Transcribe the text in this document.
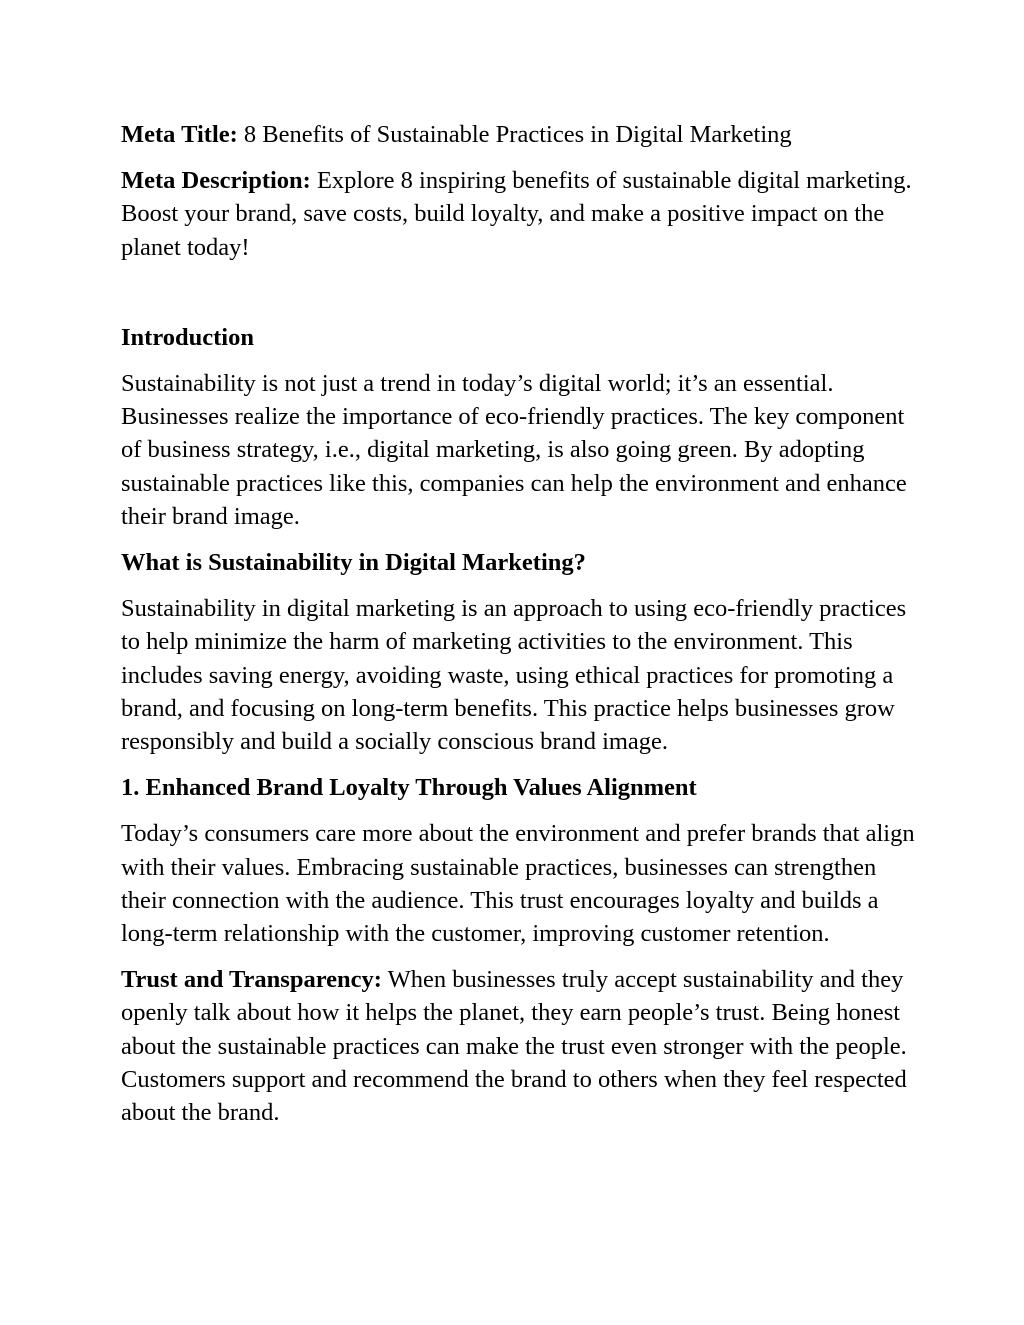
Meta Title: 8 Benefits of Sustainable Practices in Digital Marketing

Meta Description: Explore 8 inspiring benefits of sustainable digital marketing. Boost your brand, save costs, build loyalty, and make a positive impact on the planet today!

Introduction

Sustainability is not just a trend in today’s digital world; it’s an essential. Businesses realize the importance of eco-friendly practices. The key component of business strategy, i.e., digital marketing, is also going green. By adopting sustainable practices like this, companies can help the environment and enhance their brand image.

What is Sustainability in Digital Marketing?

Sustainability in digital marketing is an approach to using eco-friendly practices to help minimize the harm of marketing activities to the environment. This includes saving energy, avoiding waste, using ethical practices for promoting a brand, and focusing on long-term benefits. This practice helps businesses grow responsibly and build a socially conscious brand image.

1. Enhanced Brand Loyalty Through Values Alignment

Today’s consumers care more about the environment and prefer brands that align with their values. Embracing sustainable practices, businesses can strengthen their connection with the audience. This trust encourages loyalty and builds a long-term relationship with the customer, improving customer retention.

Trust and Transparency: When businesses truly accept sustainability and they openly talk about how it helps the planet, they earn people’s trust. Being honest about the sustainable practices can make the trust even stronger with the people. Customers support and recommend the brand to others when they feel respected about the brand.
